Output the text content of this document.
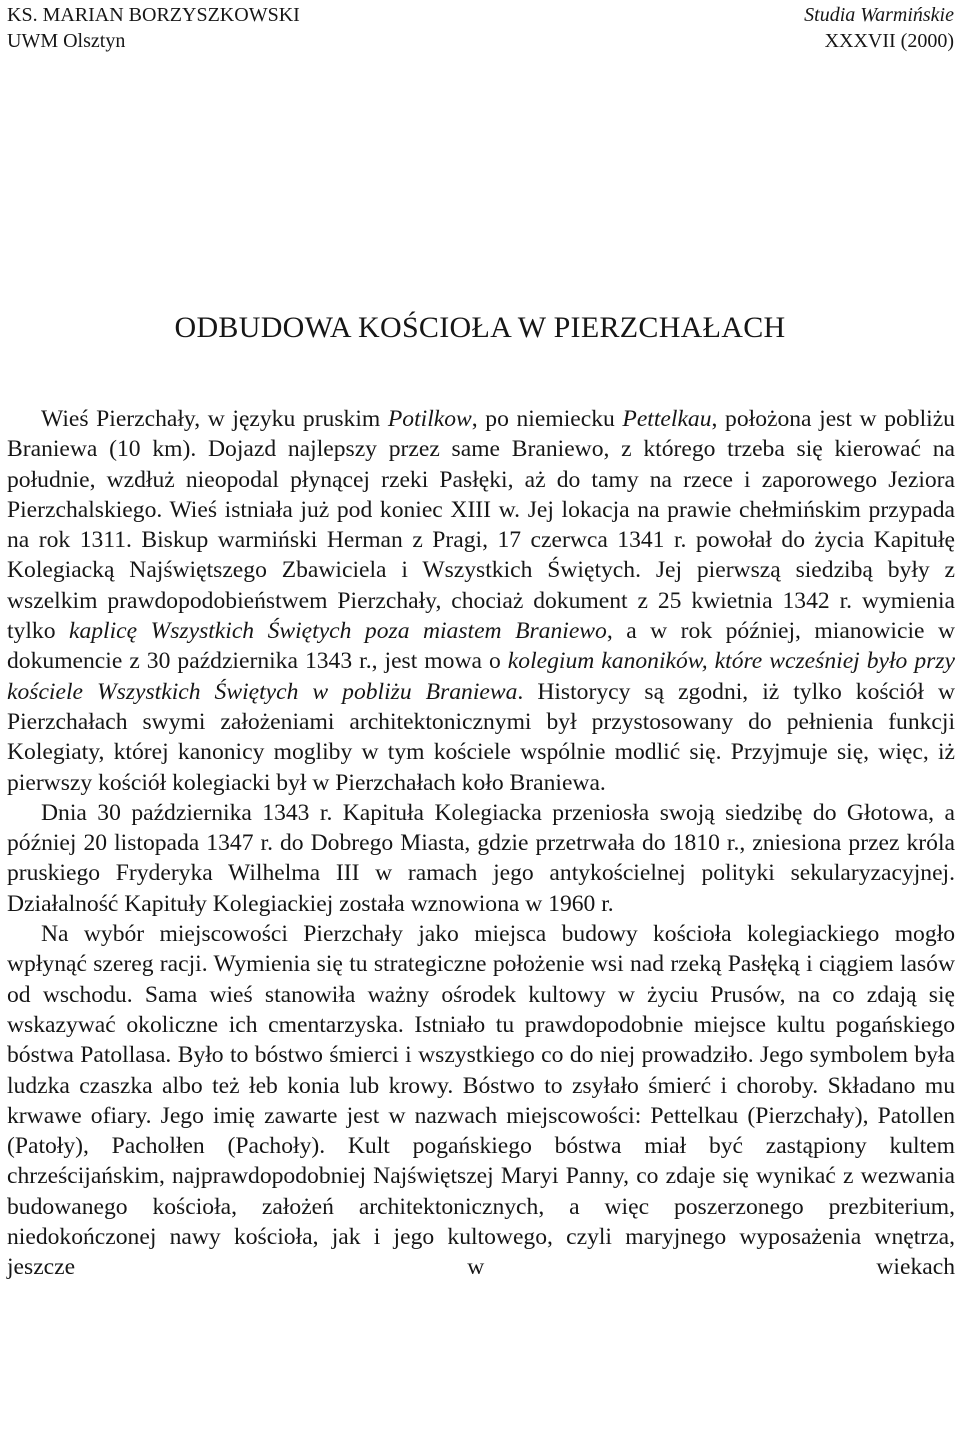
KS. MARIAN BORZYSZKOWSKI
UWM Olsztyn
Studia Warmińskie
XXXVII (2000)
ODBUDOWA KOŚCIOŁA W PIERZCHAŁACH

Wieś Pierzchały, w języku pruskim Potilkow, po niemiecku Pettelkau, położona jest w pobliżu Braniewa (10 km). Dojazd najlepszy przez same Braniewo, z którego trzeba się kierować na południe, wzdłuż nieopodal płynącej rzeki Pasłęki, aż do tamy na rzece i zaporowego Jeziora Pierzchalskiego. Wieś istniała już pod koniec XIII w. Jej lokacja na prawie chełmińskim przypada na rok 1311. Biskup warmiński Herman z Pragi, 17 czerwca 1341 r. powołał do życia Kapitułę Kolegiacką Najświętszego Zbawiciela i Wszystkich Świętych. Jej pierwszą siedzibą były z wszelkim prawdopodobieństwem Pierzchały, chociaż dokument z 25 kwietnia 1342 r. wymienia tylko kaplicę Wszystkich Świętych poza miastem Braniewo, a w rok później, mianowicie w dokumencie z 30 października 1343 r., jest mowa o kolegium kanoników, które wcześniej było przy kościele Wszystkich Świętych w pobliżu Braniewa. Historycy są zgodni, iż tylko kościół w Pierzchałach swymi założeniami architektonicznymi był przystosowany do pełnienia funkcji Kolegiaty, której kanonicy mogliby w tym kościele wspólnie modlić się. Przyjmuje się, więc, iż pierwszy kościół kolegiacki był w Pierzchałach koło Braniewa.

Dnia 30 października 1343 r. Kapituła Kolegiacka przeniosła swoją siedzibę do Głotowa, a później 20 listopada 1347 r. do Dobrego Miasta, gdzie przetrwała do 1810 r., zniesiona przez króla pruskiego Fryderyka Wilhelma III w ramach jego antykościelnej polityki sekularyzacyjnej. Działalność Kapituły Kolegiackiej została wznowiona w 1960 r.

Na wybór miejscowości Pierzchały jako miejsca budowy kościoła kolegiackiego mogło wpłynąć szereg racji. Wymienia się tu strategiczne położenie wsi nad rzeką Pasłęką i ciągiem lasów od wschodu. Sama wieś stanowiła ważny ośrodek kultowy w życiu Prusów, na co zdają się wskazywać okoliczne ich cmentarzyska. Istniało tu prawdopodobnie miejsce kultu pogańskiego bóstwa Patollasa. Było to bóstwo śmierci i wszystkiego co do niej prowadziło. Jego symbolem była ludzka czaszka albo też łeb konia lub krowy. Bóstwo to zsyłało śmierć i choroby. Składano mu krwawe ofiary. Jego imię zawarte jest w nazwach miejscowości: Pettelkau (Pierzchały), Patollen (Patoły), Pacholłen (Pachoły). Kult pogańskiego bóstwa miał być zastąpiony kultem chrześcijańskim, najprawdopodobniej Najświętszej Maryi Panny, co zdaje się wynikać z wezwania budowanego kościoła, założeń architektonicznych, a więc poszerzonego prezbiterium, niedokończonej nawy kościoła, jak i jego kultowego, czyli maryjnego wyposażenia wnętrza, jeszcze w wiekach
